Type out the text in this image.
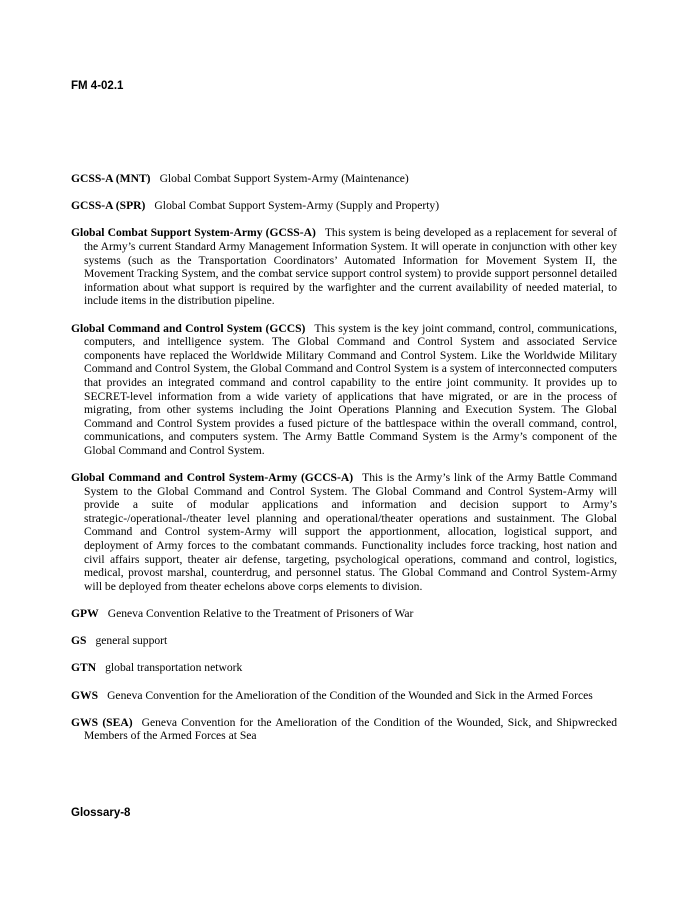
FM 4-02.1

GCSS-A (MNT) Global Combat Support System-Army (Maintenance)

GCSS-A (SPR) Global Combat Support System-Army (Supply and Property)

Global Combat Support System-Army (GCSS-A) This system is being developed as a replacement for several of the Army’s current Standard Army Management Information System. It will operate in conjunction with other key systems (such as the Transportation Coordinators’ Automated Information for Movement System II, the Movement Tracking System, and the combat service support control system) to provide support personnel detailed information about what support is required by the warfighter and the current availability of needed material, to include items in the distribution pipeline.

Global Command and Control System (GCCS) This system is the key joint command, control, communications, computers, and intelligence system. The Global Command and Control System and associated Service components have replaced the Worldwide Military Command and Control System. Like the Worldwide Military Command and Control System, the Global Command and Control System is a system of interconnected computers that provides an integrated command and control capability to the entire joint community. It provides up to SECRET-level information from a wide variety of applications that have migrated, or are in the process of migrating, from other systems including the Joint Operations Planning and Execution System. The Global Command and Control System provides a fused picture of the battlespace within the overall command, control, communications, and computers system. The Army Battle Command System is the Army’s component of the Global Command and Control System.

Global Command and Control System-Army (GCCS-A) This is the Army’s link of the Army Battle Command System to the Global Command and Control System. The Global Command and Control System-Army will provide a suite of modular applications and information and decision support to Army’s strategic-/operational-/theater level planning and operational/theater operations and sustainment. The Global Command and Control system-Army will support the apportionment, allocation, logistical support, and deployment of Army forces to the combatant commands. Functionality includes force tracking, host nation and civil affairs support, theater air defense, targeting, psychological operations, command and control, logistics, medical, provost marshal, counterdrug, and personnel status. The Global Command and Control System-Army will be deployed from theater echelons above corps elements to division.

GPW Geneva Convention Relative to the Treatment of Prisoners of War

GS general support

GTN global transportation network

GWS Geneva Convention for the Amelioration of the Condition of the Wounded and Sick in the Armed Forces

GWS (SEA) Geneva Convention for the Amelioration of the Condition of the Wounded, Sick, and Shipwrecked Members of the Armed Forces at Sea

Glossary-8
